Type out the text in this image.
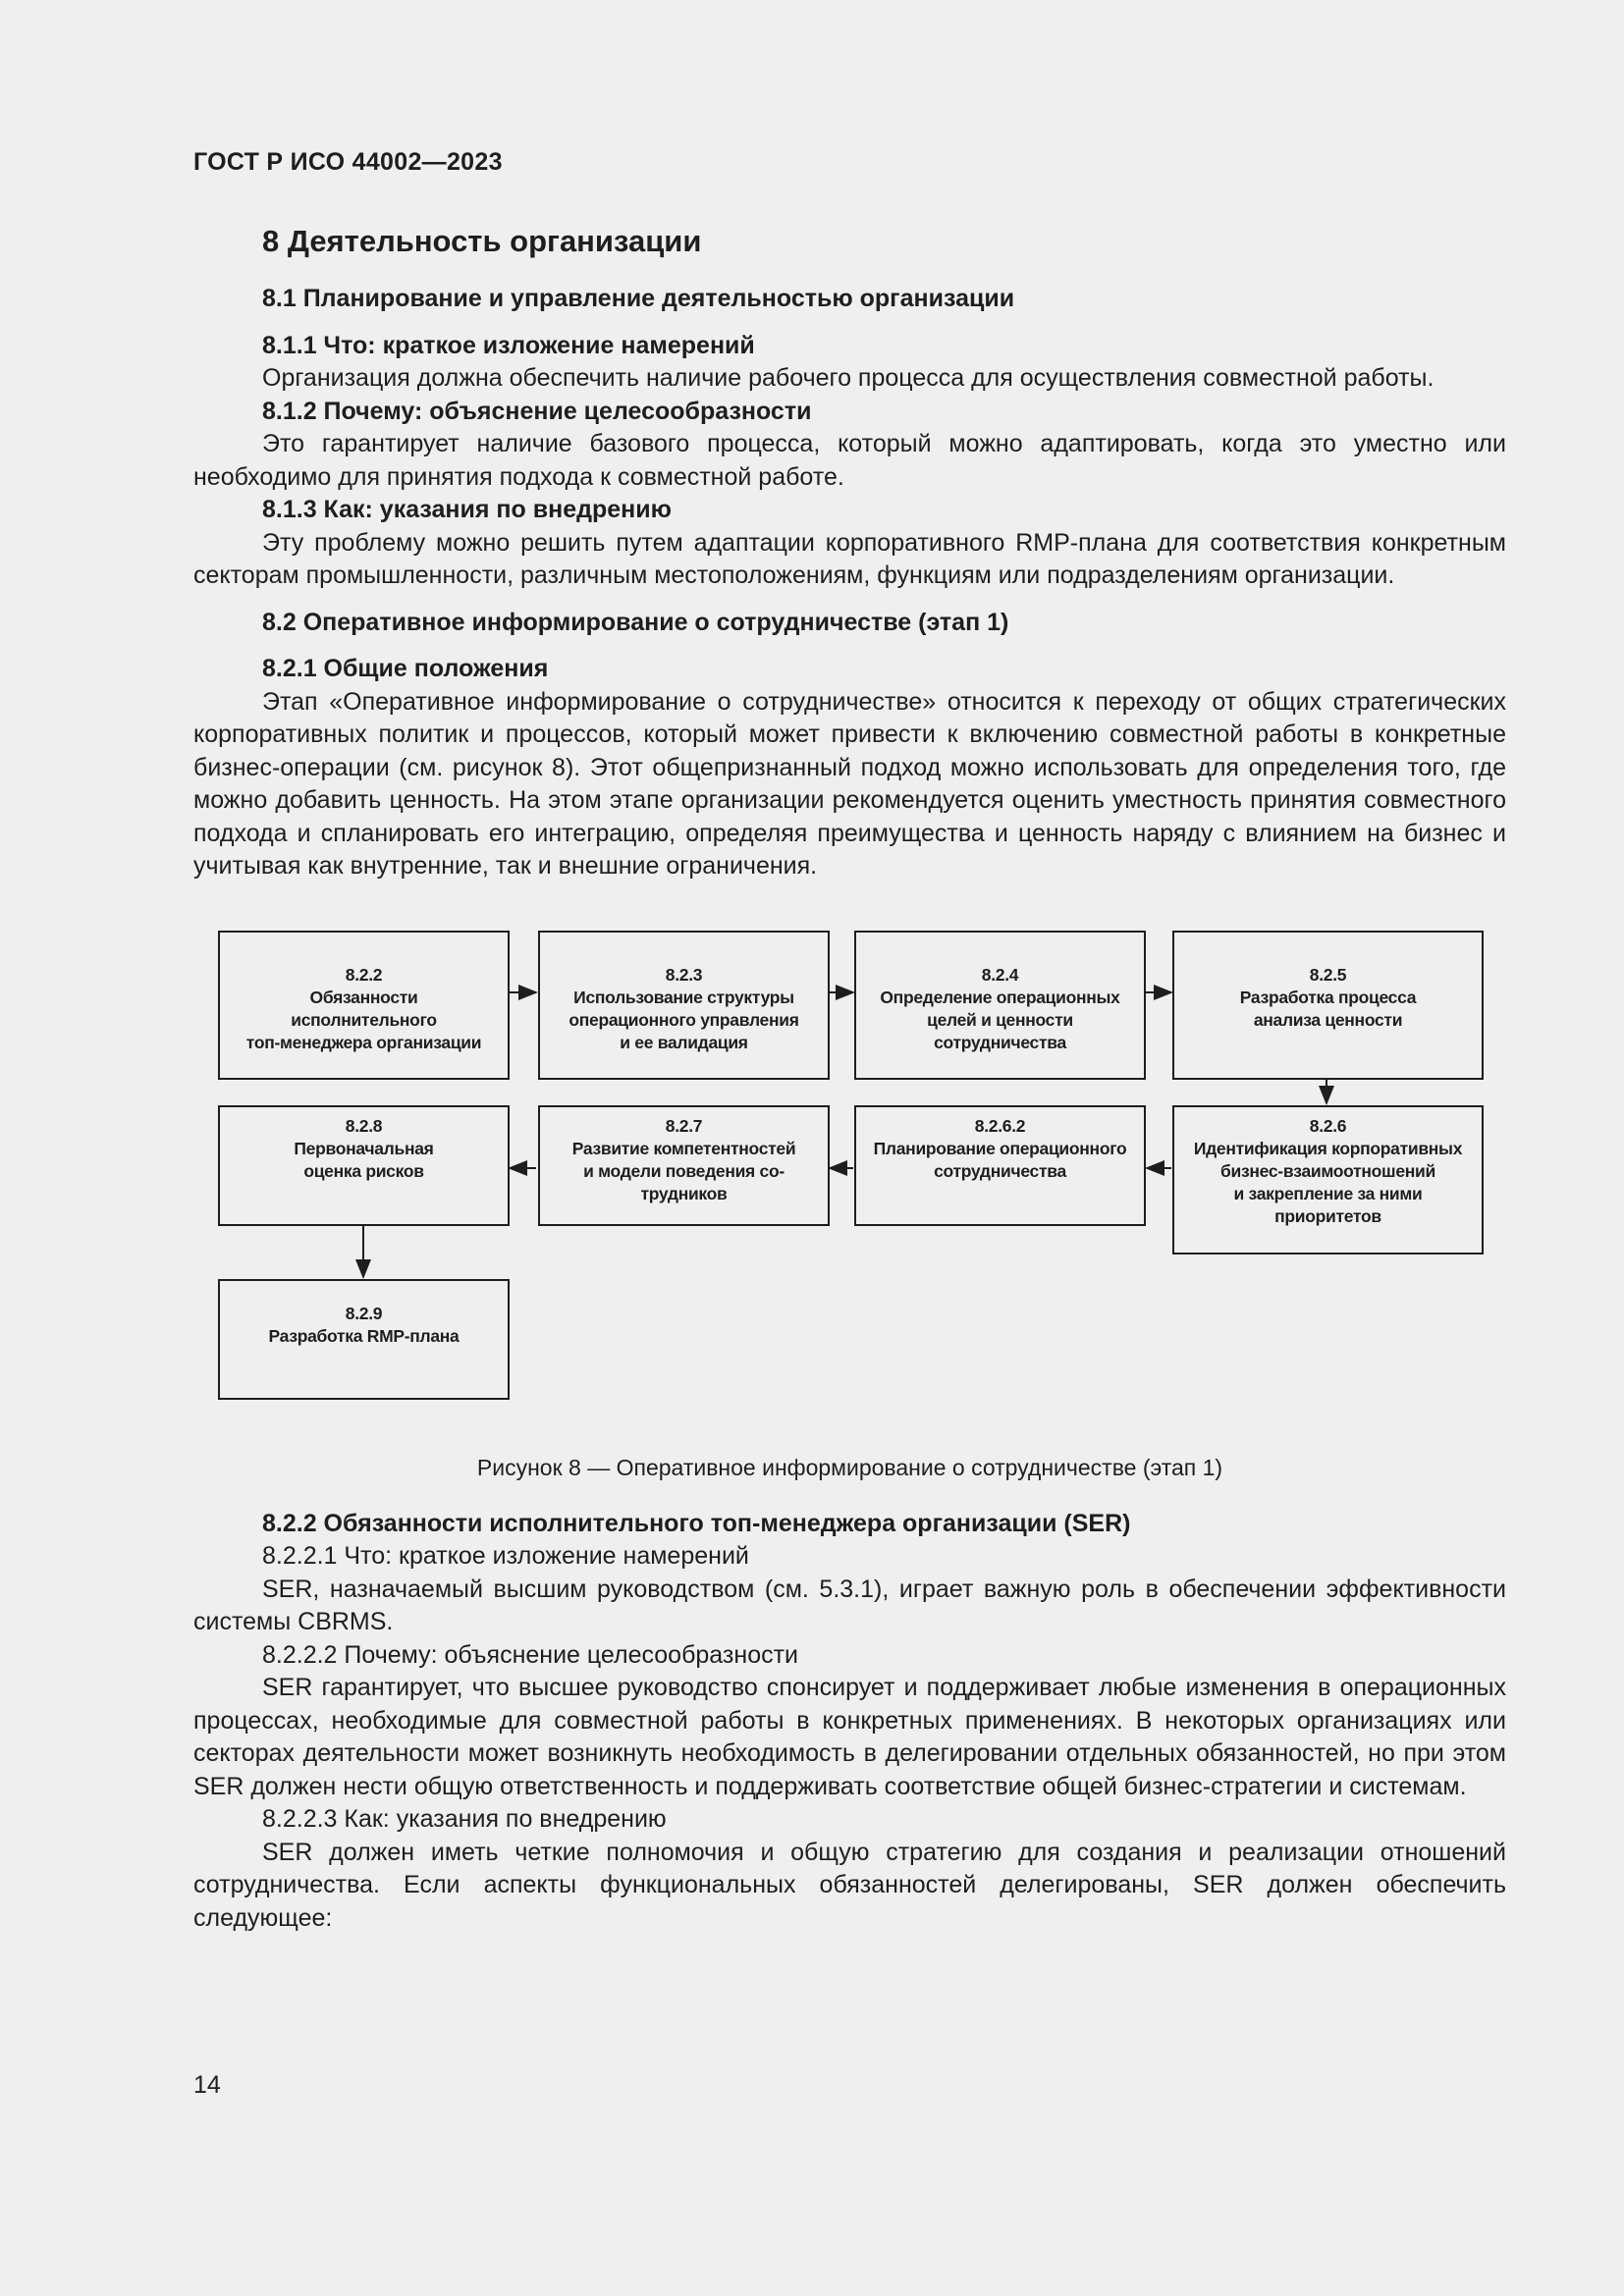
ГОСТ Р ИСО 44002—2023
8 Деятельность организации
8.1 Планирование и управление деятельностью организации
8.1.1 Что: краткое изложение намерений

Организация должна обеспечить наличие рабочего процесса для осуществления совместной работы.

8.1.2 Почему: объяснение целесообразности

Это гарантирует наличие базового процесса, который можно адаптировать, когда это уместно или необходимо для принятия подхода к совместной работе.

8.1.3 Как: указания по внедрению

Эту проблему можно решить путем адаптации корпоративного RMP-плана для соответствия конкретным секторам промышленности, различным местоположениям, функциям или подразделениям организации.

8.2 Оперативное информирование о сотрудничестве (этап 1)
8.2.1 Общие положения

Этап «Оперативное информирование о сотрудничестве» относится к переходу от общих стратегических корпоративных политик и процессов, который может привести к включению совместной работы в конкретные бизнес-операции (см. рисунок 8). Этот общепризнанный подход можно использовать для определения того, где можно добавить ценность. На этом этапе организации рекомендуется оценить уместность принятия совместного подхода и спланировать его интеграцию, определяя преимущества и ценность наряду с влиянием на бизнес и учитывая как внутренние, так и внешние ограничения.

8.2.2
Обязанности
исполнительного
топ-менеджера организации
8.2.3
Использование структуры
операционного управления
и ее валидация
8.2.4
Определение операционных
целей и ценности
сотрудничества
8.2.5
Разработка процесса
анализа ценности
8.2.8
Первоначальная
оценка рисков
8.2.7
Развитие компетентностей
и модели поведения со-
трудников
8.2.6.2
Планирование операционного
сотрудничества
8.2.6
Идентификация корпоративных
бизнес-взаимоотношений
и закрепление за ними
приоритетов
8.2.9
Разработка RMP-плана
Рисунок 8 — Оперативное информирование о сотрудничестве (этап 1)
8.2.2 Обязанности исполнительного топ-менеджера организации (SER)
8.2.2.1 Что: краткое изложение намерений

SER, назначаемый высшим руководством (см. 5.3.1), играет важную роль в обеспечении эффективности системы CBRMS.

8.2.2.2 Почему: объяснение целесообразности

SER гарантирует, что высшее руководство спонсирует и поддерживает любые изменения в операционных процессах, необходимые для совместной работы в конкретных применениях. В некоторых организациях или секторах деятельности может возникнуть необходимость в делегировании отдельных обязанностей, но при этом SER должен нести общую ответственность и поддерживать соответствие общей бизнес-стратегии и системам.

8.2.2.3 Как: указания по внедрению

SER должен иметь четкие полномочия и общую стратегию для создания и реализации отношений сотрудничества. Если аспекты функциональных обязанностей делегированы, SER должен обеспечить следующее:

14
